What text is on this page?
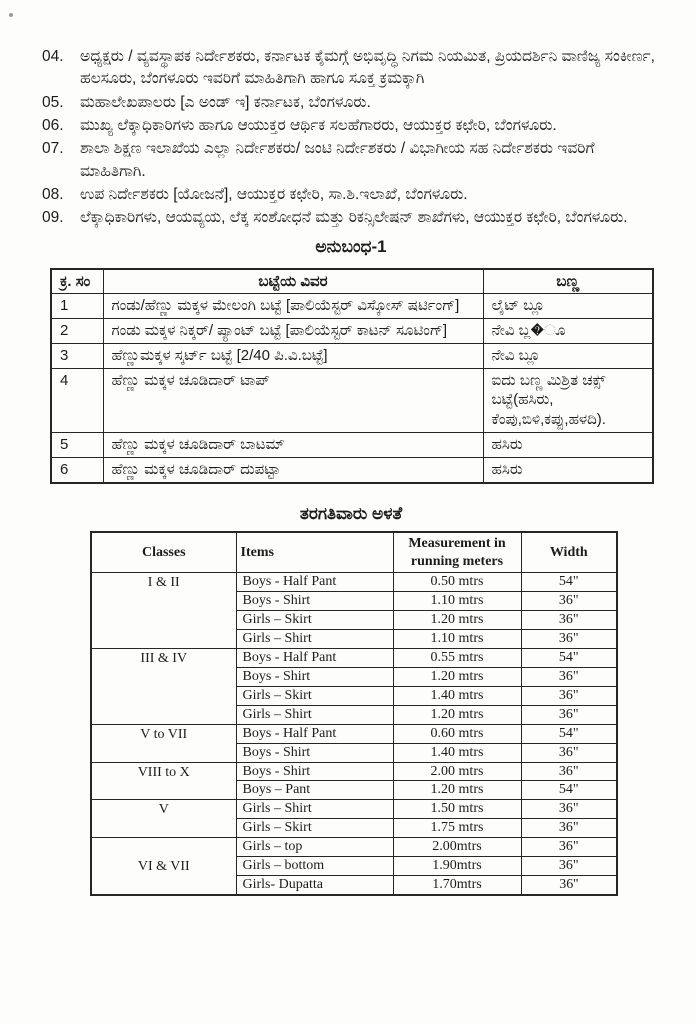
04.	ಅಧ್ಯಕ್ಷರು / ವ್ಯವಸ್ಥಾಪಕ ನಿರ್ದೇಶಕರು, ಕರ್ನಾಟಕ ಕೈಮಗ್ಗೆ ಅಭಿವೃದ್ಧಿ ನಿಗಮ ನಿಯಮಿತ, ಪ್ರಿಯದರ್ಶಿನಿ ವಾಣಿಜ್ಯ ಸಂಕೀರ್ಣ, ಹಲಸೂರು, ಬೆಂಗಳೂರು ಇವರಿಗೆ ಮಾಹಿತಿಗಾಗಿ ಹಾಗೂ ಸೂಕ್ತ ಕ್ರಮಕ್ಕಾಗಿ
05.	ಮಹಾಲೇಖಪಾಲರು [ಎ ಅಂಡ್ ಇ] ಕರ್ನಾಟಕ, ಬೆಂಗಳೂರು.
06.	ಮುಖ್ಯ ಲೆಕ್ಕಾಧಿಕಾರಿಗಳು ಹಾಗೂ ಆಯುಕ್ತರ ಆರ್ಥಿಕ ಸಲಹೆಗಾರರು, ಆಯುಕ್ತರ ಕಛೇರಿ, ಬೆಂಗಳೂರು.
07.	ಶಾಲಾ ಶಿಕ್ಷಣ ಇಲಾಖೆಯ ಎಲ್ಲಾ ನಿರ್ದೇಶಕರು/ ಜಂಟಿ ನಿರ್ದೇಶಕರು / ವಿಭಾಗೀಯ ಸಹ ನಿರ್ದೇಶಕರು ಇವರಿಗೆ ಮಾಹಿತಿಗಾಗಿ.
08.	ಉಪ ನಿರ್ದೇಶಕರು [ಯೋಜನೆ], ಆಯುಕ್ತರ ಕಛೇರಿ, ಸಾ.ಶಿ.ಇಲಾಖೆ, ಬೆಂಗಳೂರು.
09.	ಲೆಕ್ಕಾಧಿಕಾರಿಗಳು, ಆಯವ್ಯಯ, ಲೆಕ್ಕ ಸಂಶೋಧನೆ ಮತ್ತು ರಿಕನ್ಸಿಲೇಷನ್ ಶಾಖೆಗಳು, ಆಯುಕ್ತರ ಕಛೇರಿ, ಬೆಂಗಳೂರು.
ಅನುಬಂಧ-1
ಕ್ರ. ಸಂ	ಬಟ್ಟೆಯ ವಿವರ	ಬಣ್ಣ
1	ಗಂಡು/ಹೆಣ್ಣು ಮಕ್ಕಳ ಮೇಲಂಗಿ ಬಟ್ಟೆ [ಪಾಲಿಯೆಸ್ಟರ್ ವಿಸ್ಕೋಸ್ ಷರ್ಟಿಂಗ್]	ಲೈಟ್ ಬ್ಲೂ
2	ಗಂಡು ಮಕ್ಕಳ ನಿಕ್ಕರ್/ ಪ್ಯಾಂಟ್ ಬಟ್ಟೆ [ಪಾಲಿಯೆಸ್ಟರ್ ಕಾಟನ್ ಸೂಟಿಂಗ್]	ನೇವಿ ಬ್ಲ�ೂ
3	ಹೆಣ್ಣುಮಕ್ಕಳ ಸ್ಕರ್ಟ್ ಬಟ್ಟೆ [2/40 ಪಿ.ವಿ.ಬಟ್ಟೆ]	ನೇವಿ ಬ್ಲೂ
4	ಹೆಣ್ಣು ಮಕ್ಕಳ ಚೂಡಿದಾರ್ ಟಾಪ್	ಐದು ಬಣ್ಣ ಮಿಶ್ರಿತ ಚಕ್ಸ್ ಬಟ್ಟೆ(ಹಸಿರು, ಕೆಂಪು,ಬಿಳಿ,ಕಪ್ಪು,ಹಳದಿ).
5	ಹೆಣ್ಣು ಮಕ್ಕಳ ಚೂಡಿದಾರ್ ಬಾಟಮ್	ಹಸಿರು
6	ಹೆಣ್ಣು ಮಕ್ಕಳ ಚೂಡಿದಾರ್ ದುಪಟ್ಟಾ	ಹಸಿರು
ತರಗತಿವಾರು ಅಳತೆ
Classes	Items	Measurement in running meters	Width
I & II	Boys - Half Pant	0.50 mtrs	54"
	Boys - Shirt	1.10 mtrs	36"
	Girls – Skirt	1.20 mtrs	36"
	Girls – Shirt	1.10 mtrs	36"
III & IV	Boys - Half Pant	0.55 mtrs	54"
	Boys - Shirt	1.20 mtrs	36"
	Girls – Skirt	1.40 mtrs	36"
	Girls – Shirt	1.20 mtrs	36"
V to VII	Boys - Half Pant	0.60 mtrs	54"
	Boys - Shirt	1.40 mtrs	36"
VIII to X	Boys - Shirt	2.00 mtrs	36"
	Boys – Pant	1.20 mtrs	54"
V	Girls – Shirt	1.50 mtrs	36"
	Girls – Skirt	1.75 mtrs	36"
VI & VII	Girls – top	2.00mtrs	36"
	Girls – bottom	1.90mtrs	36"
	Girls- Dupatta	1.70mtrs	36''
